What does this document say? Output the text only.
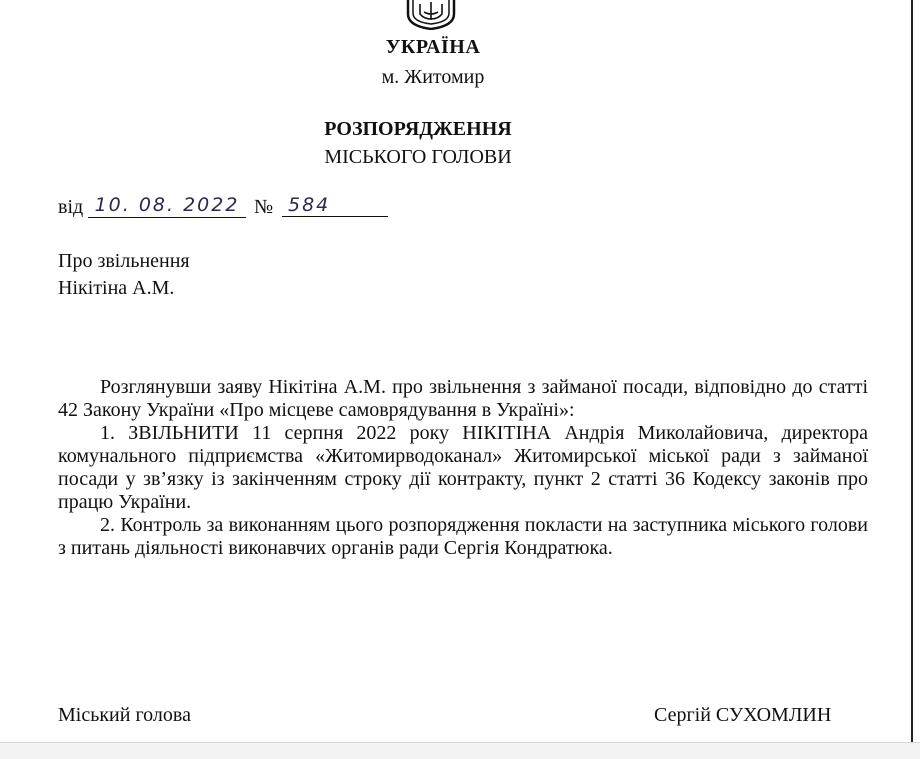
УКРАЇНА
м. Житомир
РОЗПОРЯДЖЕННЯ
МІСЬКОГО ГОЛОВИ
від 10. 08. 2022 № 584
Про звільнення
Нікітіна А.М.

Розглянувши заяву Нікітіна А.М. про звільнення з займаної посади, відповідно до статті 42 Закону України «Про місцеве самоврядування в Україні»:

1. ЗВІЛЬНИТИ 11 серпня 2022 року НІКІТІНА Андрія Миколайовича, директора комунального підприємства «Житомирводоканал» Житомирської міської ради з займаної посади у зв’язку із закінченням строку дії контракту, пункт 2 статті 36 Кодексу законів про працю України.

2. Контроль за виконанням цього розпорядження покласти на заступника міського голови з питань діяльності виконавчих органів ради Сергія Кондратюка.

Міський голова	Сергій СУХОМЛИН
